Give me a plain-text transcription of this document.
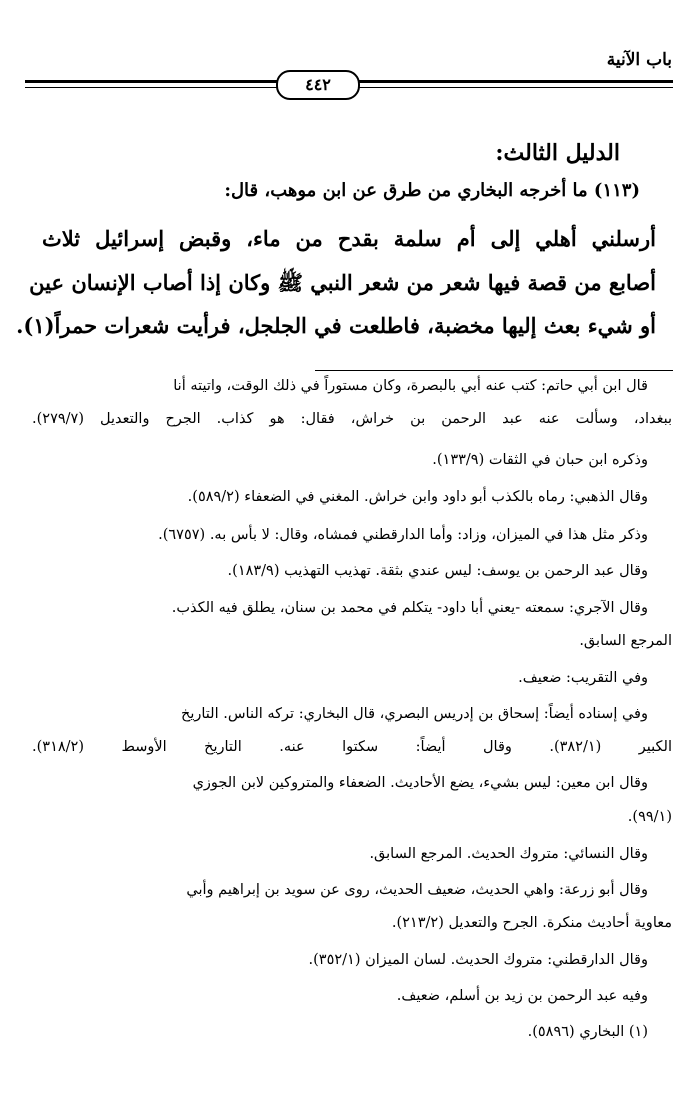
باب الآنية
٤٤٢
الدليل الثالث:
(١١٣) ما أخرجه البخاري من طرق عن ابن موهب، قال:
أرسلني أهلي إلى أم سلمة بقدح من ماء، وقبض إسرائيل ثلاث
أصابع من قصة فيها شعر من شعر النبي ﷺ وكان إذا أصاب الإنسان عين
أو شيء بعث إليها مخضبة، فاطلعت في الجلجل، فرأيت شعرات حمراً(١).
قال ابن أبي حاتم: كتب عنه أبي بالبصرة، وكان مستوراً في ذلك الوقت، واتيته أنا
ببغداد، وسألت عنه عبد الرحمن بن خراش، فقال: هو كذاب. الجرح والتعديل (٢٧٩/٧).
وذكره ابن حبان في الثقات (١٣٣/٩).
وقال الذهبي: رماه بالكذب أبو داود وابن خراش. المغني في الضعفاء (٥٨٩/٢).
وذكر مثل هذا في الميزان، وزاد: وأما الدارقطني فمشاه، وقال: لا بأس به. (٦٧٥٧).
وقال عبد الرحمن بن يوسف: ليس عندي بثقة. تهذيب التهذيب (١٨٣/٩).
وقال الآجري: سمعته -يعني أبا داود- يتكلم في محمد بن سنان، يطلق فيه الكذب.
المرجع السابق.
وفي التقريب: ضعيف.
وفي إسناده أيضاً: إسحاق بن إدريس البصري، قال البخاري: تركه الناس. التاريخ
الكبير (٣٨٢/١). وقال أيضاً: سكتوا عنه. التاريخ الأوسط (٣١٨/٢).
وقال ابن معين: ليس بشيء، يضع الأحاديث. الضعفاء والمتروكين لابن الجوزي
(٩٩/١).
وقال النسائي: متروك الحديث. المرجع السابق.
وقال أبو زرعة: واهي الحديث، ضعيف الحديث، روى عن سويد بن إبراهيم وأبي
معاوية أحاديث منكرة. الجرح والتعديل (٢١٣/٢).
وقال الدارقطني: متروك الحديث. لسان الميزان (٣٥٢/١).
وفيه عبد الرحمن بن زيد بن أسلم، ضعيف.
(١) البخاري (٥٨٩٦).
